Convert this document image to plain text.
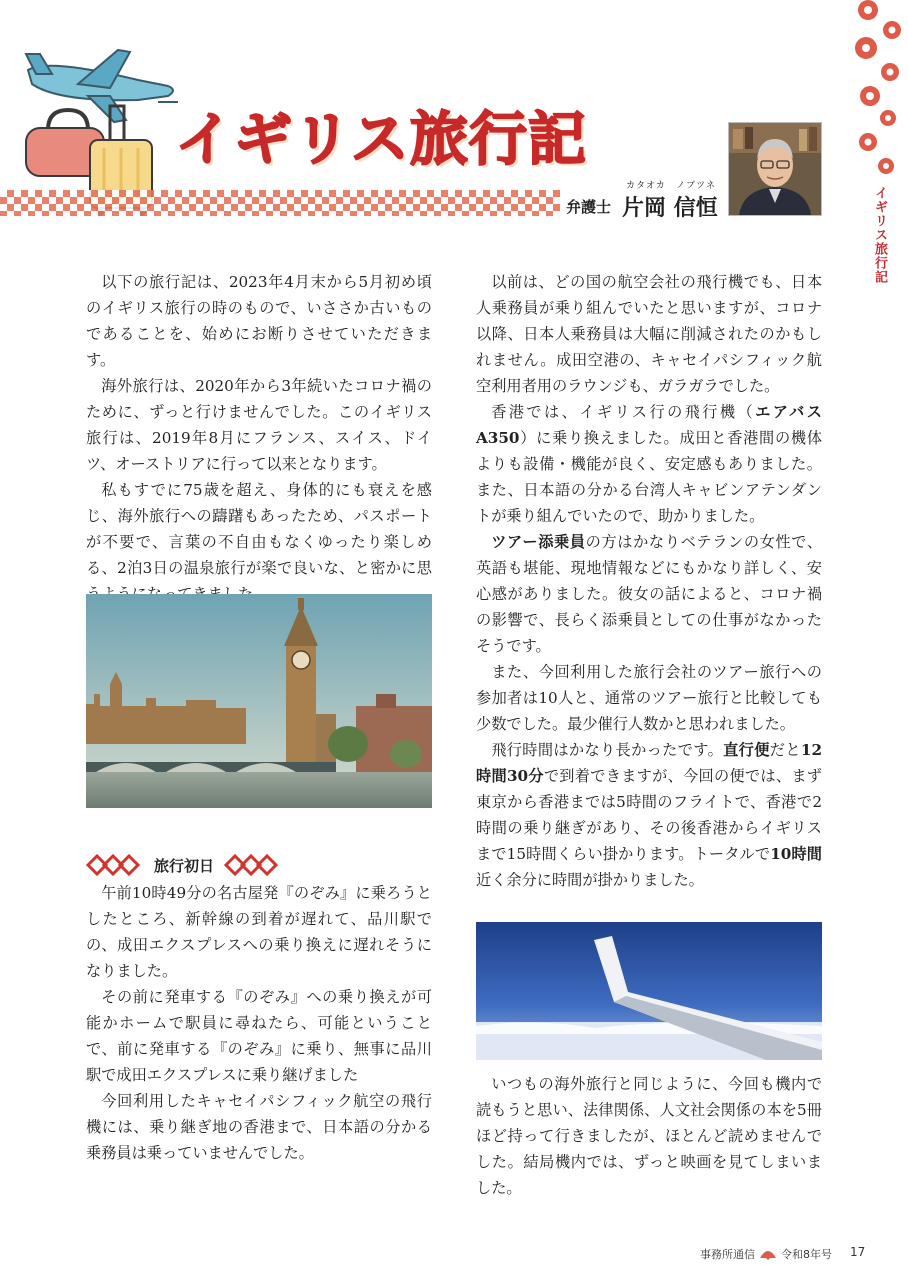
イギリス旅行記
カタオカ ノブツネ
弁護士 片岡 信恒	イギリス旅行記

以下の旅行記は、2023年4月末から5月初め頃のイギリス旅行の時のもので、いささか古いものであることを、始めにお断りさせていただきます。

海外旅行は、2020年から3年続いたコロナ禍のために、ずっと行けませんでした。このイギリス旅行は、2019年8月にフランス、スイス、ドイツ、オーストリアに行って以来となります。

私もすでに75歳を超え、身体的にも衰えを感じ、海外旅行への躊躇もあったため、パスポートが不要で、言葉の不自由もなくゆったり楽しめる、2泊3日の温泉旅行が楽で良いな、と密かに思

旅行初日

午前10時49分の名古屋発『のぞみ』に乗ろうとしたところ、新幹線の到着が遅れて、品川駅での、成田エクスプレスへの乗り換えに遅れそうになりました。

その前に発車する『のぞみ』への乗り換えが可能かホームで駅員に尋ねたら、可能ということで、前に発車する『のぞみ』に乗り、無事に品川駅で成田エクスプレスに乗り継げました

今回利用したキャセイパシフィック航空の飛行機には、乗り継ぎ地の香港まで、日本語の分かる乗務員は乗っていませんでした。

以前は、どの国の航空会社の飛行機でも、日本人乗務員が乗り組んでいたと思いますが、コロナ以降、日本人乗務員は大幅に削減されたのかもしれません。成田空港の、キャセイパシフィック航空利用者用のラウンジも、ガラガラでした。

香港では、イギリス行の飛行機（エアバスA350）に乗り換えました。成田と香港間の機体よりも設備・機能が良く、安定感もありました。また、日本語の分かる台湾人キャビンアテンダントが乗り組んでいたので、助かりました。

ツアー添乗員の方はかなりベテランの女性で、英語も堪能、現地情報などにもかなり詳しく、安心感がありました。彼女の話によると、コロナ禍の影響で、長らく添乗員としての仕事がなかったそうです。

また、今回利用した旅行会社のツアー旅行への参加者は10人と、通常のツアー旅行と比較しても少数でした。最少催行人数かと思われました。

飛行時間はかなり長かったです。直行便だと12時間30分で到着できますが、今回の便では、まず東京から香港までは5時間のフライトで、香港で2時間の乗り継ぎがあり、その後香港からイギリスまで15時間くらい掛かります。トータルで10時間近く余分に時間が掛かりました。

いつもの海外旅行と同じように、今回も機内で読もうと思い、法律関係、人文社会関係の本を5冊ほど持って行きましたが、ほとんど読めませんでした。結局機内では、ずっと映画を見てしまいました。

事務所通信 令和8年号 17
